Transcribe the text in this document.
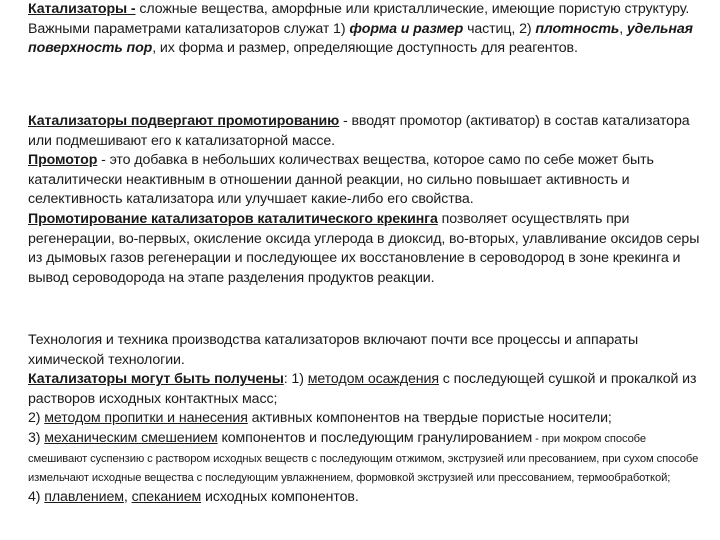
Катализаторы - сложные вещества, аморфные или кристаллические, имеющие пористую структуру. Важными параметрами катализаторов служат 1) форма и размер частиц, 2) плотность, удельная поверхность пор, их форма и размер, определяющие доступность для реагентов.

Катализаторы подвергают промотированию - вводят промотор (активатор) в состав катализатора или подмешивают его к катализаторной массе.
Промотор - это добавка в небольших количествах вещества, которое само по себе может быть каталитически неактивным в отношении данной реакции, но сильно повышает активность и селективность катализатора или улучшает какие-либо его свойства.
Промотирование катализаторов каталитического крекинга позволяет осуществлять при регенерации, во-первых, окисление оксида углерода в диоксид, во-вторых, улавливание оксидов серы из дымовых газов регенерации и последующее их восстановление в сероводород в зоне крекинга и вывод сероводорода на этапе разделения продуктов реакции.

Технология и техника производства катализаторов включают почти все процессы и аппараты химической технологии.
Катализаторы могут быть получены: 1) методом осаждения с последующей сушкой и прокалкой из растворов исходных контактных масс;
2) методом пропитки и нанесения активных компонентов на твердые пористые носители;
3) механическим смешением компонентов и последующим гранулированием - при мокром способе смешивают суспензию с раствором исходных веществ с последующим отжимом, экструзией или пресованием, при сухом способе измельчают исходные вещества с последующим увлажнением, формовкой экструзией или прессованием, термообработкой;
4) плавлением, спеканием исходных компонентов.
